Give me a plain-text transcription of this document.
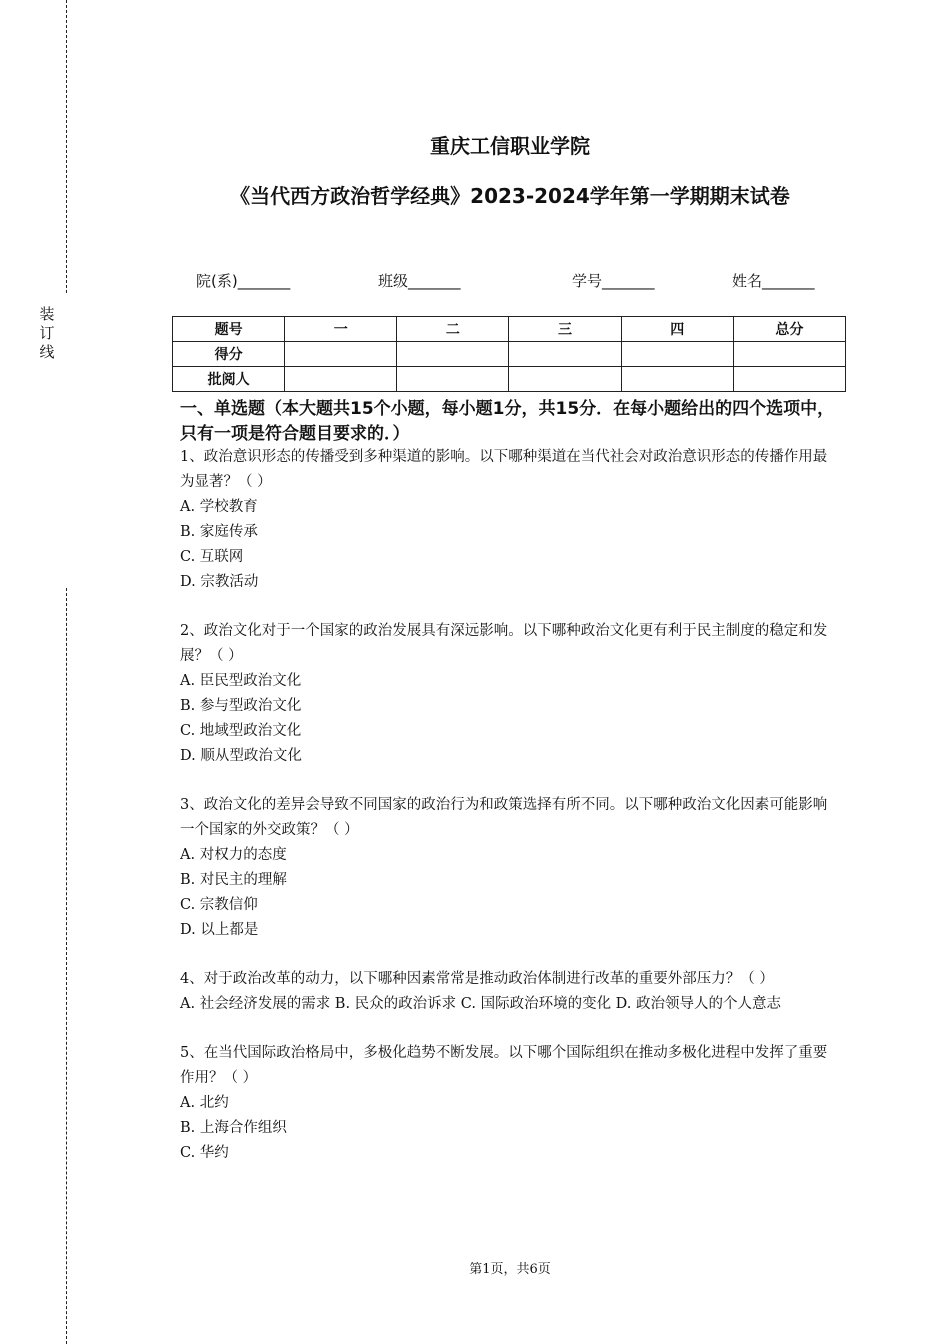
装
订
线
重庆工信职业学院
《当代西方政治哲学经典》2023-2024学年第一学期期末试卷
院(系)_______	班级_______	学号_______	姓名_______
题号	一	二	三	四	总分
得分					
批阅人					
一、单选题（本大题共15个小题，每小题1分，共15分．在每小题给出的四个选项中，只有一项是符合题目要求的．）
1、政治意识形态的传播受到多种渠道的影响。以下哪种渠道在当代社会对政治意识形态的传播作用最为显著？（ ）
A. 学校教育
B. 家庭传承
C. 互联网
D. 宗教活动
2、政治文化对于一个国家的政治发展具有深远影响。以下哪种政治文化更有利于民主制度的稳定和发展？（ ）
A. 臣民型政治文化
B. 参与型政治文化
C. 地域型政治文化
D. 顺从型政治文化
3、政治文化的差异会导致不同国家的政治行为和政策选择有所不同。以下哪种政治文化因素可能影响一个国家的外交政策？（ ）
A. 对权力的态度
B. 对民主的理解
C. 宗教信仰
D. 以上都是
4、对于政治改革的动力，以下哪种因素常常是推动政治体制进行改革的重要外部压力？（ ）
A. 社会经济发展的需求 B. 民众的政治诉求 C. 国际政治环境的变化 D. 政治领导人的个人意志
5、在当代国际政治格局中，多极化趋势不断发展。以下哪个国际组织在推动多极化进程中发挥了重要作用？（ ）
A. 北约
B. 上海合作组织
C. 华约
第1页，共6页
